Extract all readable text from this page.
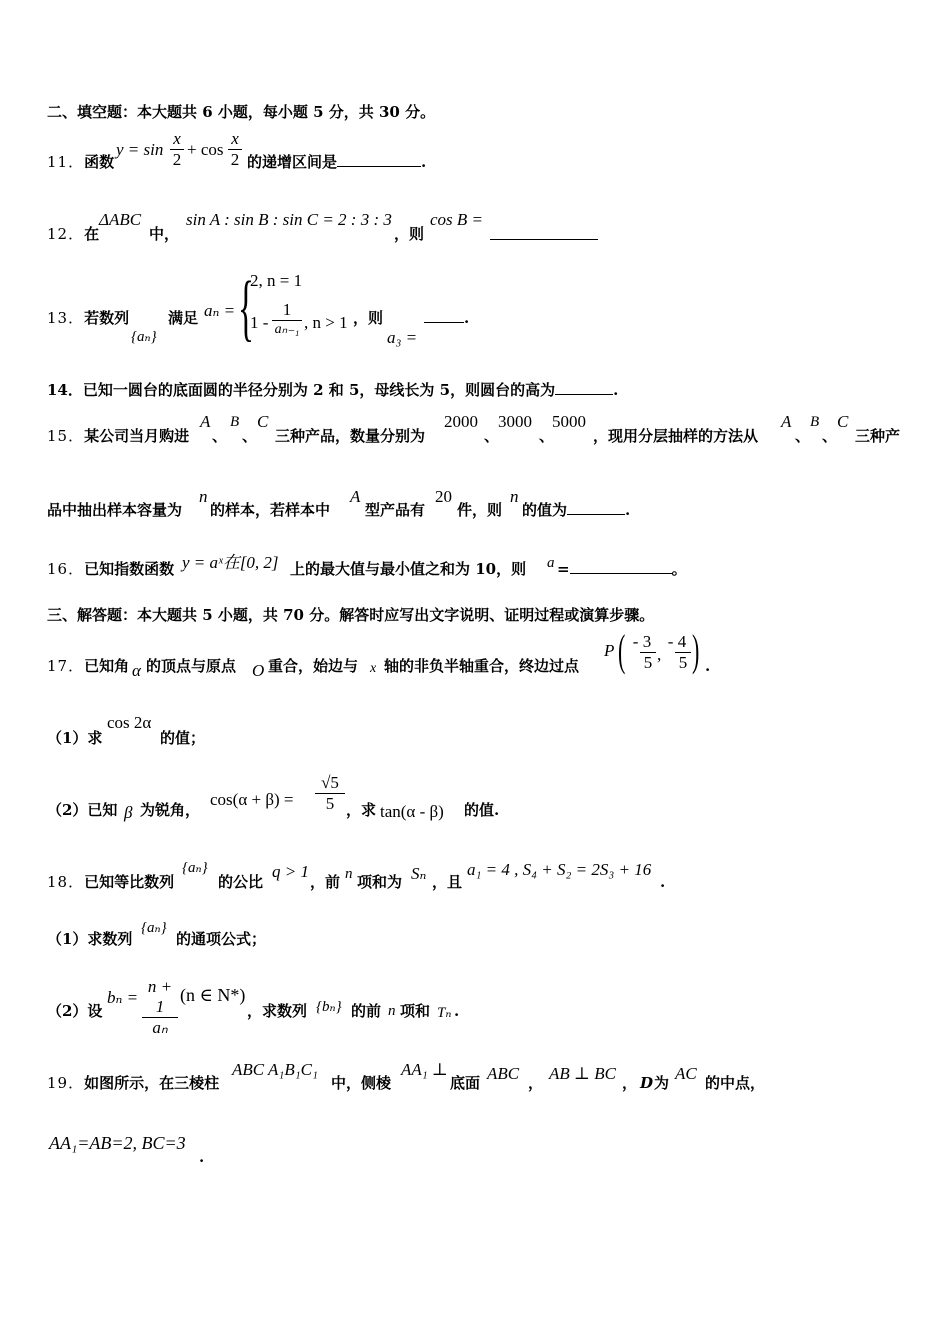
二、填空题：本大题共 6 小题，每小题 5 分，共 30 分。
11．函数
$y = \sin \frac{x}{2} + \cos \frac{x}{2}$ 的递增区间是	.
12．在
ΔABC
中，
sin A : sin B : sin C = 2 : 3 : 3
，则
cos B =
13．若数列
{aₙ}
满足 aₙ = {
2, n = 1
1 -
1
aₙ₋₁ , n > 1 ，则
a₃ =
.
14．已知一圆台的底面圆的半径分别为 2 和 5，母线长为 5，则圆台的高为	.
15．某公司当月购进
A
、
B
、
C
三种产品，数量分别为
2000
、
3000
、
5000
，现用分层抽样的方法从
A
、
B
、
C
三种产
品中抽出样本容量为
n
的样本，若样本中
A
型产品有
20
件，则
n
的值为	.
16．已知指数函数 y = aˣ在[0, 2] 上的最大值与最小值之和为 10，则 a =	。
三、解答题：本大题共 5 小题，共 70 分。解答时应写出文字说明、证明过程或演算步骤。
17．已知角 α 的顶点与原点 O 重合，始边与 x 轴的非负半轴重合，终边过点
P ( $\frac{- 3}{5}$ , $\frac{- 4}{5}$ ) .
（1）求
cos 2α
的值；
（2）已知 β 为锐角，
$\cos(\alpha + \beta) = \frac{√5}{5}$ ，求 tan(α - β) 的值.
18．已知等比数列
{aₙ}
的公比
q > 1
，前 n 项和为 Sₙ ，且
a₁ = 4 , S₄ + S₂ = 2S₃ + 16
.
（1）求数列
{aₙ}
的通项公式；
（2）设
$b_n = \frac{n + 1}{\text{aₙ}} (n$ ∈ N*)
，求数列 {bₙ} 的前 n 项和 Tₙ .
19．如图所示，在三棱柱
ABC A₁B₁C₁
中，侧棱
AA₁ ⊥
底面 ABC ， AB ⊥ BC ， D 为 AC 的中点，
AA₁=AB=2, BC=3
.
